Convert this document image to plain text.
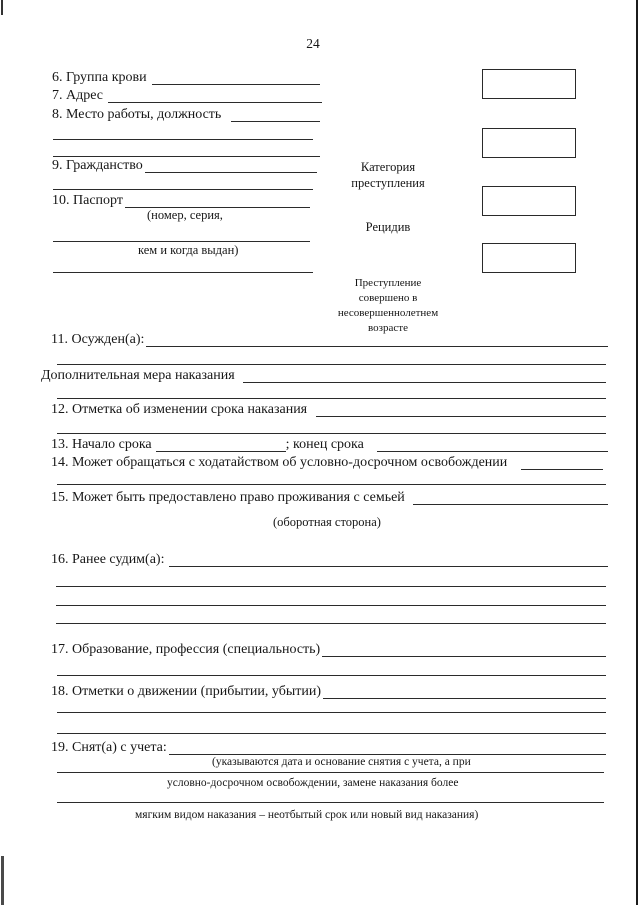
24
6. Группа крови
7. Адрес
8. Место работы, должность
9. Гражданство
10. Паспорт
(номер, серия,
кем и когда выдан)
Категория преступления
Рецидив
Преступление совершено в несовершеннолетнем возрасте
11. Осужден(а):
Дополнительная мера наказания
12. Отметка об изменении срока наказания
13. Начало срока	; конец срока
14. Может обращаться с ходатайством об условно-досрочном освобождении
15. Может быть предоставлено право проживания с семьей
(оборотная сторона)
16. Ранее судим(а):
17. Образование, профессия (специальность)
18. Отметки о движении (прибытии, убытии)
19. Снят(а) с учета:
(указываются дата и основание снятия с учета, а при
условно-досрочном освобождении, замене наказания более
мягким видом наказания – неотбытый срок или новый вид наказания)
